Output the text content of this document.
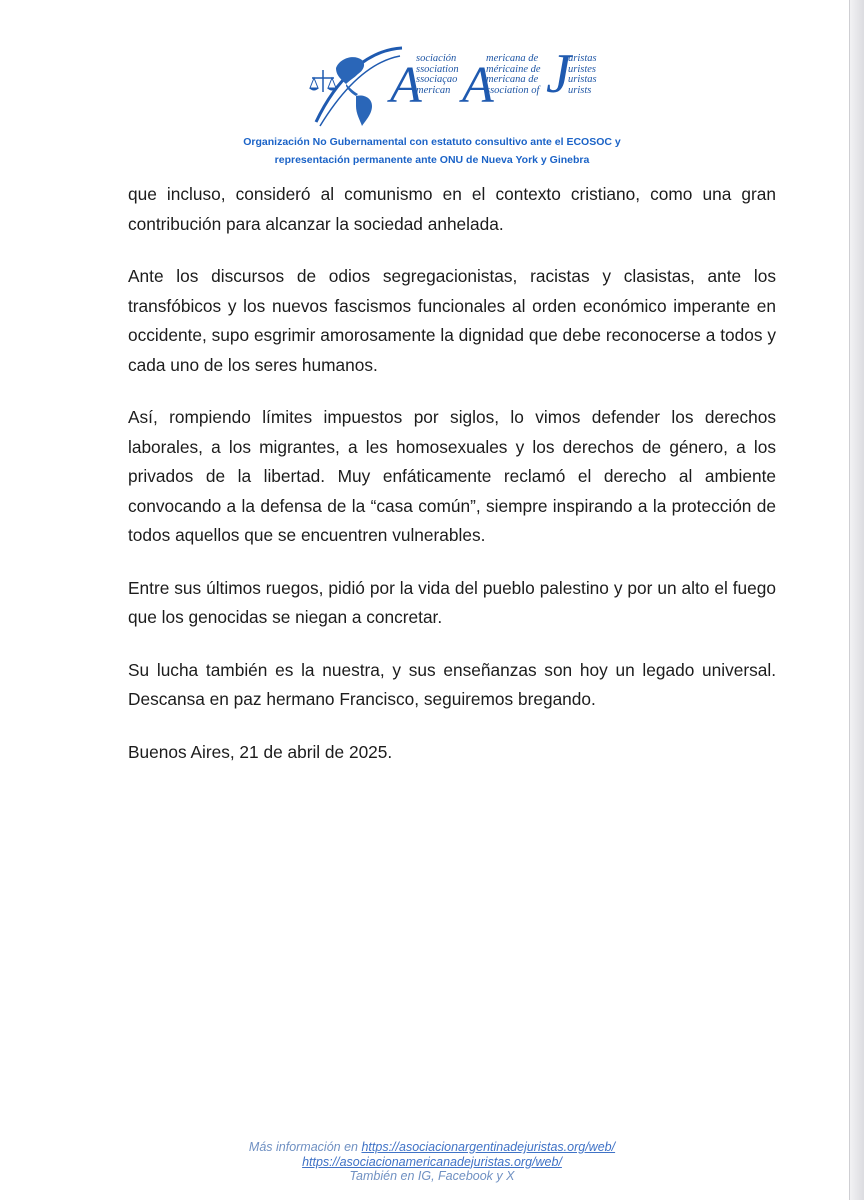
A
sociación
ssociation
ssociaçao
merican A
mericana de
méricaine de
mericana de
ssociation of J
uristas
uristes
uristas
urists
Organización No Gubernamental con estatuto consultivo ante el ECOSOC y
representación permanente ante ONU de Nueva York y Ginebra

que incluso, consideró al comunismo en el contexto cristiano, como una gran contribución para alcanzar la sociedad anhelada.

Ante los discursos de odios segregacionistas, racistas y clasistas, ante los transfóbicos y los nuevos fascismos funcionales al orden económico imperante en occidente, supo esgrimir amorosamente la dignidad que debe reconocerse a todos y cada uno de los seres humanos.

Así, rompiendo límites impuestos por siglos, lo vimos defender los derechos laborales, a los migrantes, a les homosexuales y los derechos de género, a los privados de la libertad. Muy enfáticamente reclamó el derecho al ambiente convocando a la defensa de la “casa común”, siempre inspirando a la protección de todos aquellos que se encuentren vulnerables.

Entre sus últimos ruegos, pidió por la vida del pueblo palestino y por un alto el fuego que los genocidas se niegan a concretar.

Su lucha también es la nuestra, y sus enseñanzas son hoy un legado universal. Descansa en paz hermano Francisco, seguiremos bregando.

Buenos Aires, 21 de abril de 2025.

Más información en https://asociacionargentinadejuristas.org/web/
https://asociacionamericanadejuristas.org/web/
También en IG, Facebook y X
